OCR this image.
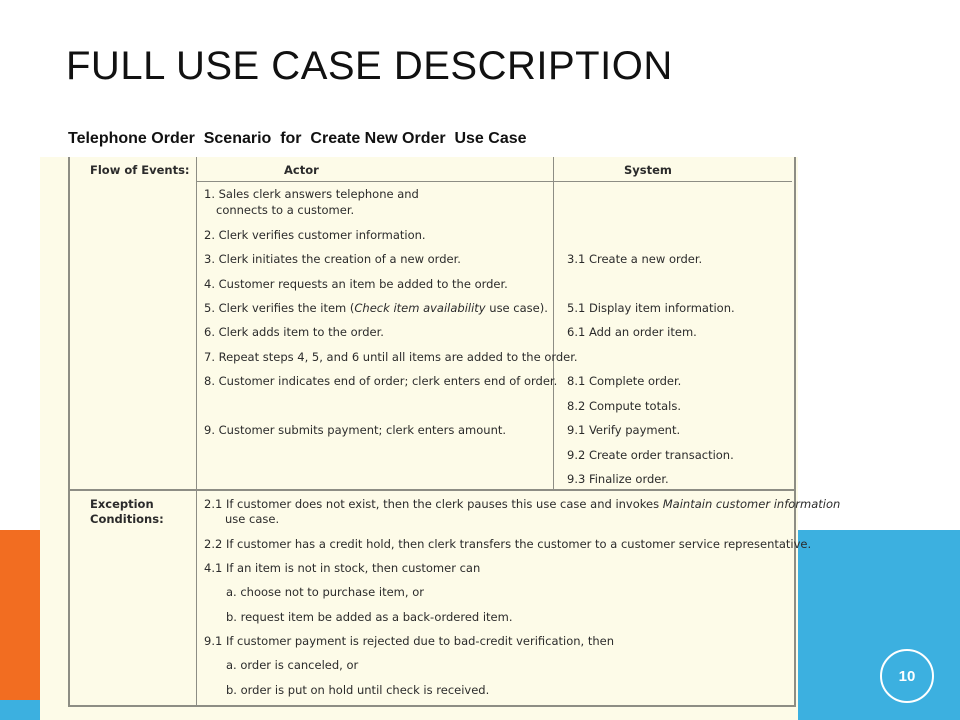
FULL USE CASE DESCRIPTION
Telephone Order  Scenario  for  Create New Order  Use Case
Flow of Events:	Actor	System
1. Sales clerk answers telephone and
connects to a customer.
2. Clerk verifies customer information.
3. Clerk initiates the creation of a new order.
4. Customer requests an item be added to the order.
5. Clerk verifies the item (Check item availability use case).
6. Clerk adds item to the order.
7. Repeat steps 4, 5, and 6 until all items are added to the order.
8. Customer indicates end of order; clerk enters end of order.
9. Customer submits payment; clerk enters amount.
3.1 Create a new order.
5.1 Display item information.
6.1 Add an order item.
8.1 Complete order.
8.2 Compute totals.
9.1 Verify payment.
9.2 Create order transaction.
9.3 Finalize order.
Exception
Conditions:
2.1 If customer does not exist, then the clerk pauses this use case and invokes Maintain customer information
use case.
2.2 If customer has a credit hold, then clerk transfers the customer to a customer service representative.
4.1 If an item is not in stock, then customer can
a. choose not to purchase item, or
b. request item be added as a back-ordered item.
9.1 If customer payment is rejected due to bad-credit verification, then
a. order is canceled, or
b. order is put on hold until check is received.
10
